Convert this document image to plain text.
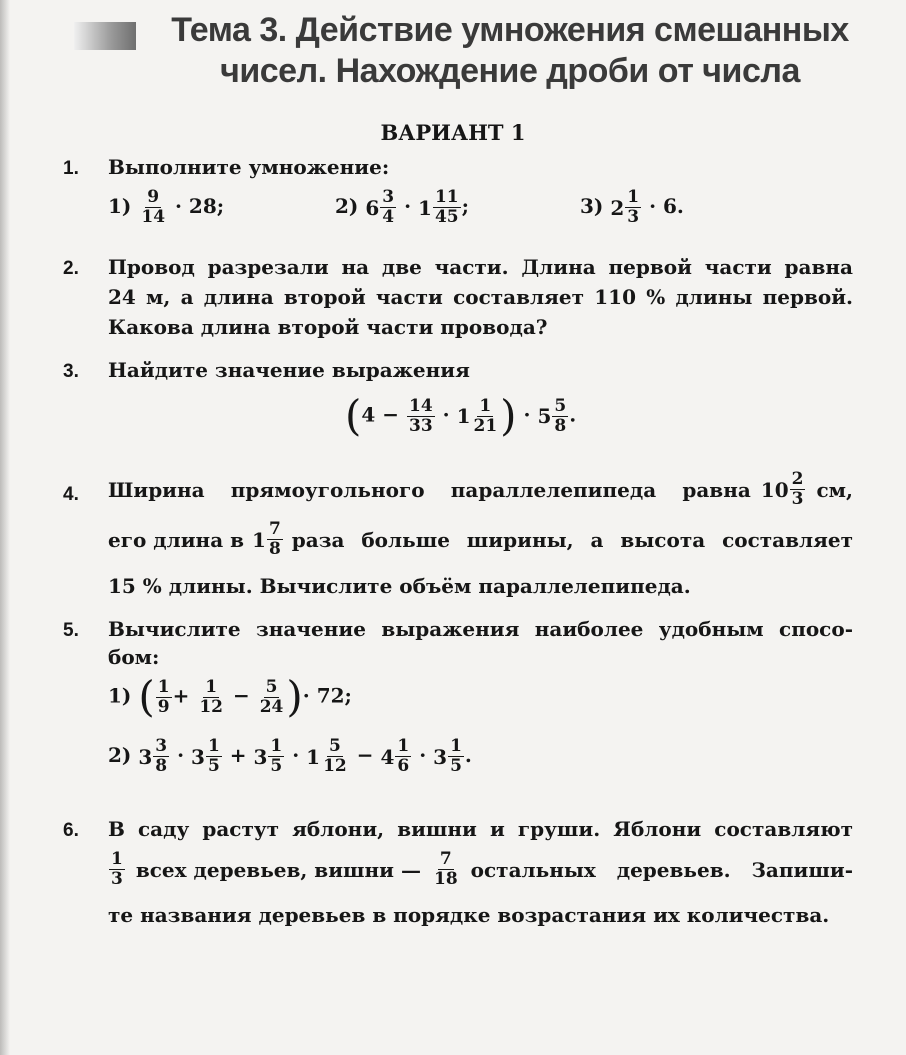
Тема 3. Действие умножения смешанных
чисел. Нахождение дроби от числа
ВАРИАНТ 1
1. Выполните умножение:
$1) \frac{9}{14} \cdot 28$;	2) $6 \frac{3}{4} \cdot 1 \frac{11}{45}$ ;	3) $2 \frac{1}{3} \cdot 6$.
2. Провод разрезали на две части. Длина первой части равна
24 м, а длина второй части составляет 110 % длины первой.
Какова длина второй части провода?
3. Найдите значение выражения
($4 - \frac{14}{33} \cdot 1 \frac{1}{21}$ ) · $5 \frac{5}{8}$ .
4. Ширина прямоугольного параллелепипеда равна $10 \frac{2}{3}$ см,
его длина в $1 \frac{7}{8}$ раза больше ширины, а высота составляет
15 % длины. Вычислите объём параллелепипеда.
5. Вычислите значение выражения наиболее удобным спосо-
бом:
1) ( $\frac{1}{9} + \frac{1}{12} - \frac{5}{24}$ )· 72;
2) $3 \frac{3}{8} \cdot 3 \frac{1}{5} + 3 \frac{1}{5} \cdot 1 \frac{5}{12} - 4 \frac{1}{6} \cdot 3 \frac{1}{5}$ .
6. В саду растут яблони, вишни и груши. Яблони составляют
$\frac{1}{3}$ всех деревьев, вишни — $\frac{7}{18}$ остальных деревьев. Запиши-
те названия деревьев в порядке возрастания их количества.
